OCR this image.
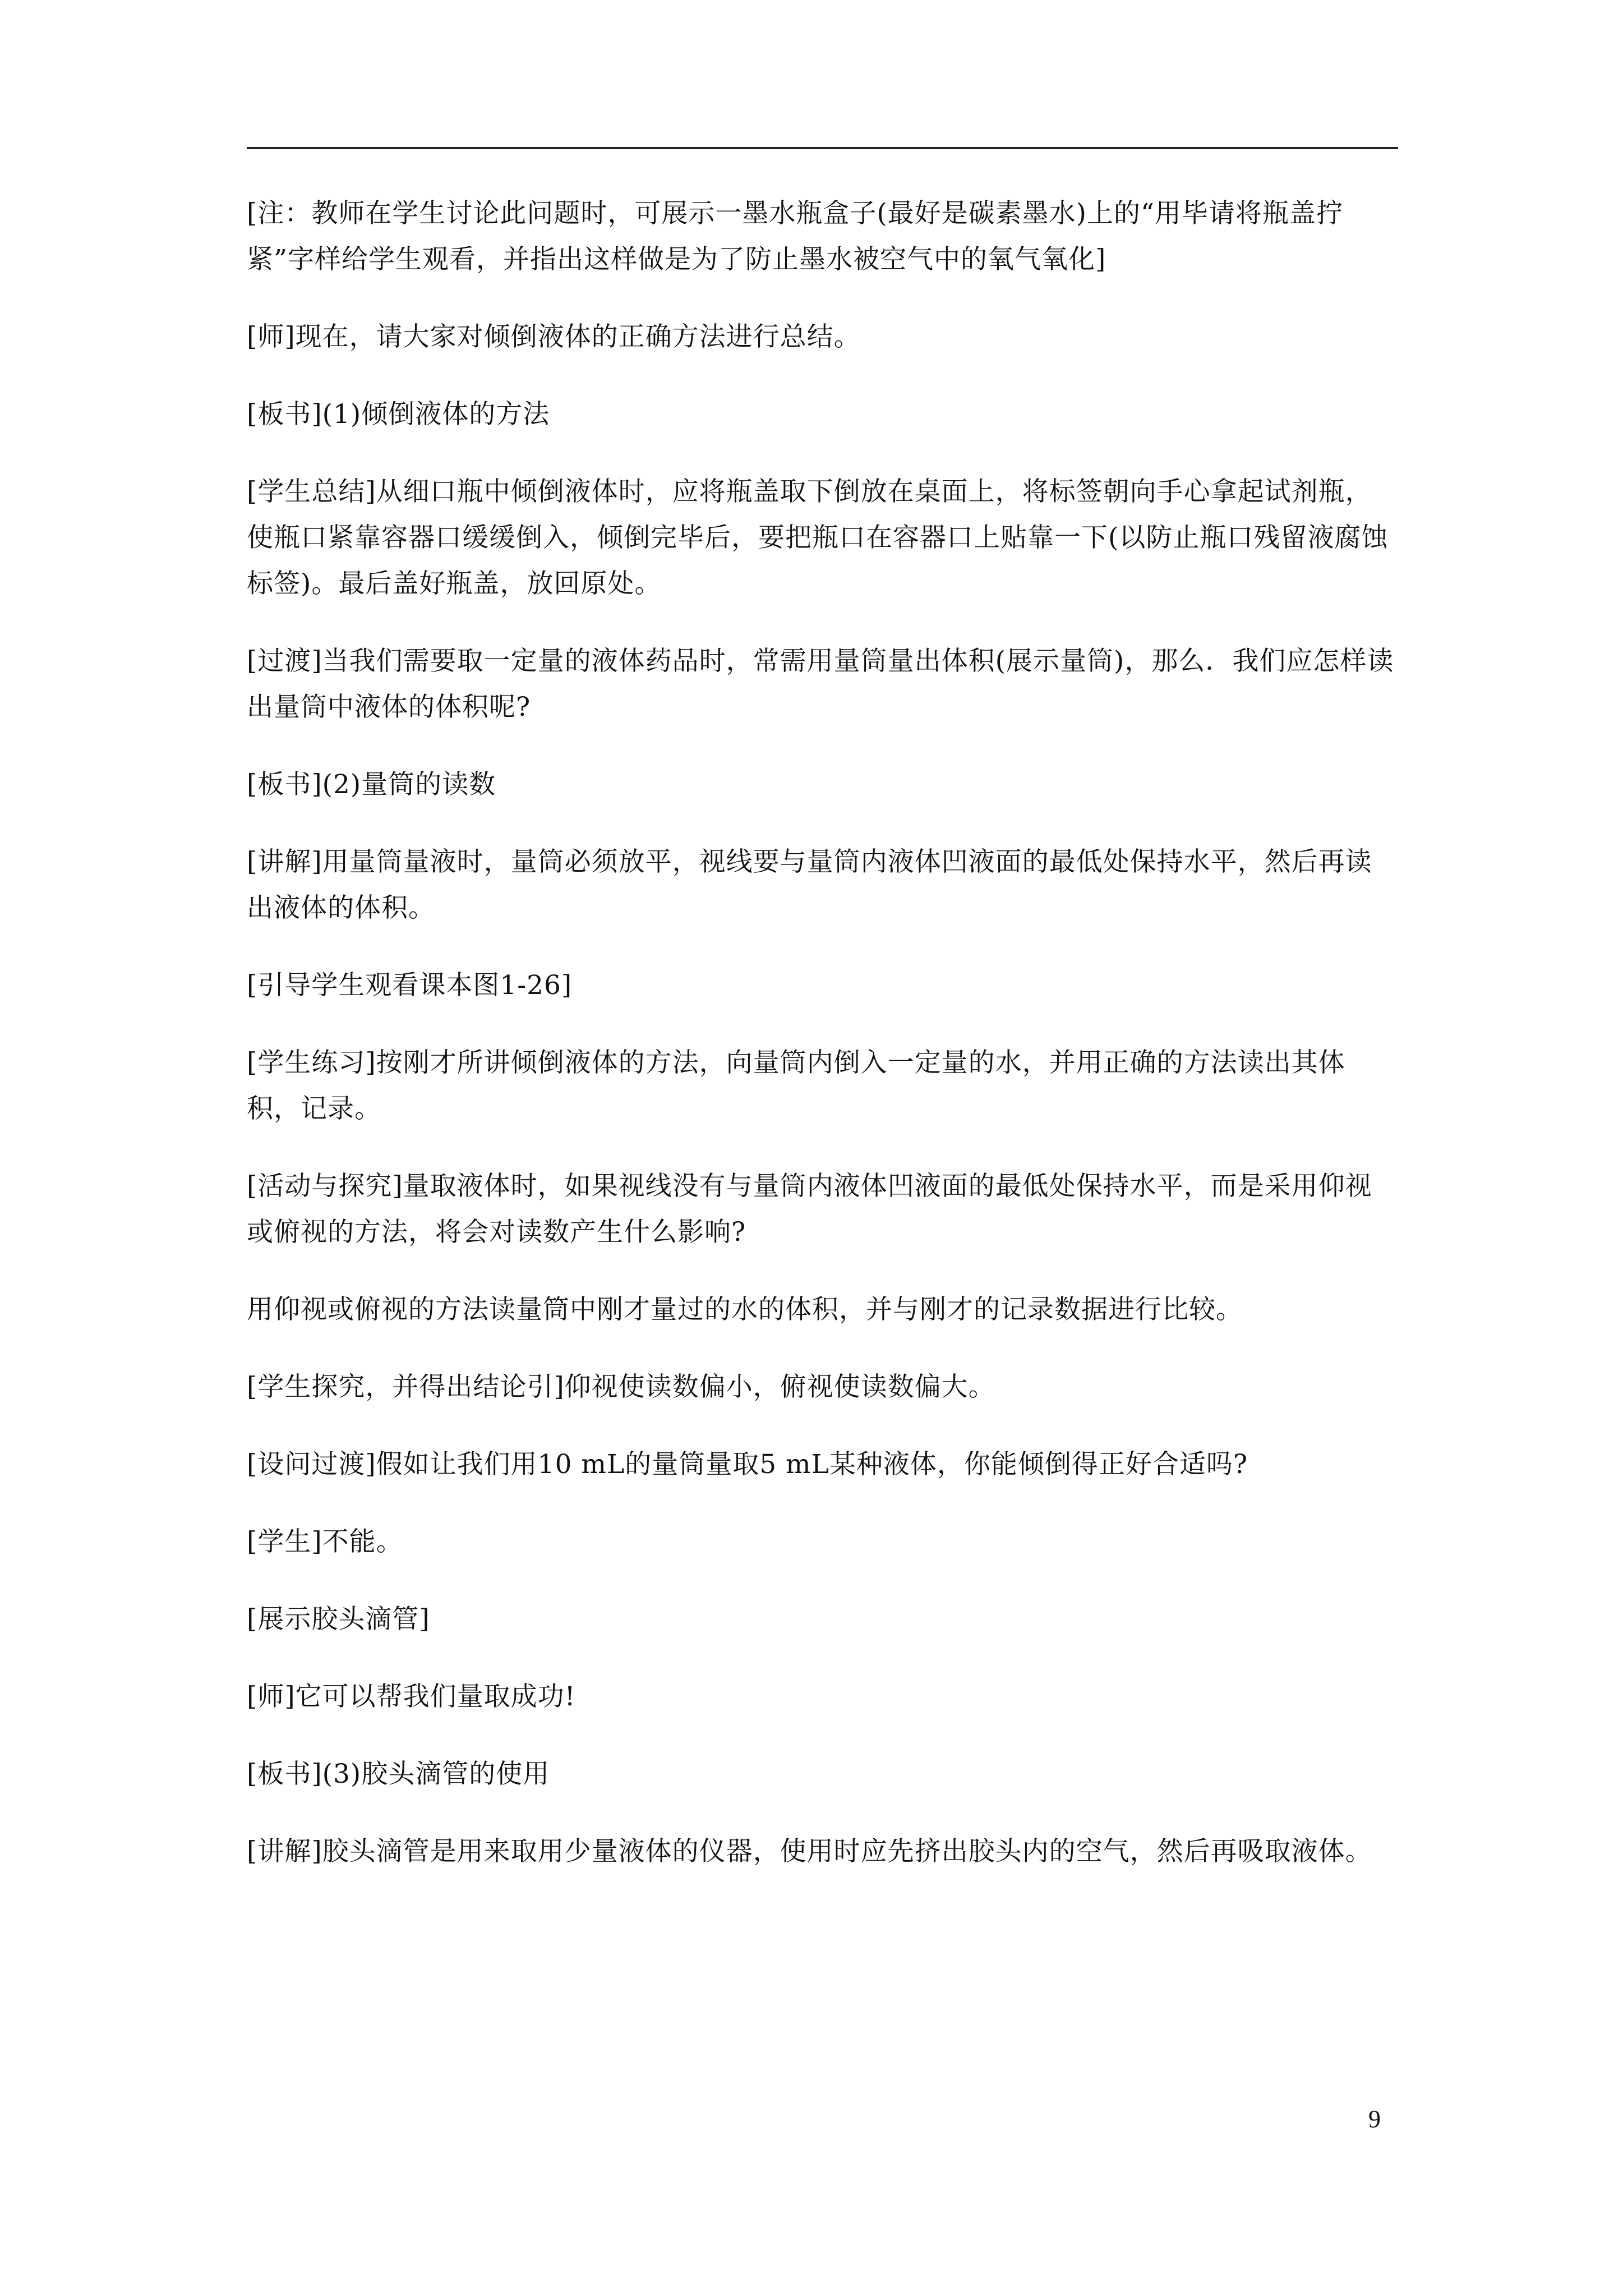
[注：教师在学生讨论此问题时，可展示一墨水瓶盒子(最好是碳素墨水)上的“用毕请将瓶盖拧紧”字样给学生观看，并指出这样做是为了防止墨水被空气中的氧气氧化]

[师]现在，请大家对倾倒液体的正确方法进行总结。

[板书](1)倾倒液体的方法

[学生总结]从细口瓶中倾倒液体时，应将瓶盖取下倒放在桌面上，将标签朝向手心拿起试剂瓶，使瓶口紧靠容器口缓缓倒入，倾倒完毕后，要把瓶口在容器口上贴靠一下(以防止瓶口残留液腐蚀标签)。最后盖好瓶盖，放回原处。

[过渡]当我们需要取一定量的液体药品时，常需用量筒量出体积(展示量筒)，那么．我们应怎样读出量筒中液体的体积呢?

[板书](2)量筒的读数

[讲解]用量筒量液时，量筒必须放平，视线要与量筒内液体凹液面的最低处保持水平，然后再读出液体的体积。

[引导学生观看课本图1-26]

[学生练习]按刚才所讲倾倒液体的方法，向量筒内倒入一定量的水，并用正确的方法读出其体积，记录。

[活动与探究]量取液体时，如果视线没有与量筒内液体凹液面的最低处保持水平，而是采用仰视或俯视的方法，将会对读数产生什么影响?

用仰视或俯视的方法读量筒中刚才量过的水的体积，并与刚才的记录数据进行比较。

[学生探究，并得出结论引]仰视使读数偏小，俯视使读数偏大。

[设问过渡]假如让我们用10 mL的量筒量取5 mL某种液体，你能倾倒得正好合适吗?

[学生]不能。

[展示胶头滴管]

[师]它可以帮我们量取成功!

[板书](3)胶头滴管的使用

[讲解]胶头滴管是用来取用少量液体的仪器，使用时应先挤出胶头内的空气，然后再吸取液体。

9
